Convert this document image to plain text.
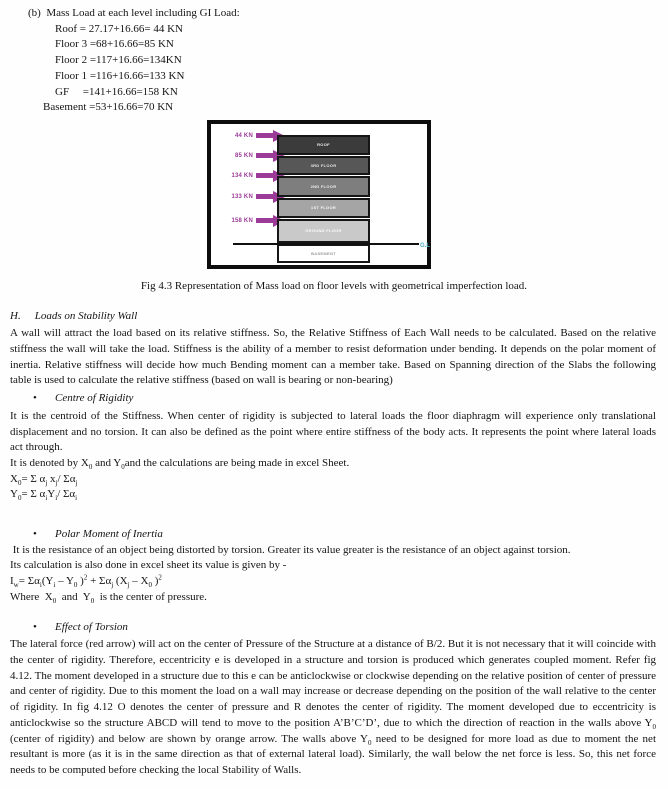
(b)  Mass Load at each level including GI Load:
Roof = 27.17+16.66= 44 KN
Floor 3 =68+16.66=85 KN
Floor 2 =117+16.66=134KN
Floor 1 =116+16.66=133 KN
GF     =141+16.66=158 KN
Basement =53+16.66=70 KN
44 KN
85 KN
134 KN
133 KN
158 KN
ROOF
3RD FLOOR
2ND FLOOR
1ST FLOOR
GROUND FLOOR
BASEMENT
G.L
Fig 4.3 Representation of Mass load on floor levels with geometrical imperfection load.
H. Loads on Stability Wall
A wall will attract the load based on its relative stiffness. So, the Relative Stiffness of Each Wall needs to be calculated. Based on the relative stiffness the wall will take the load. Stiffness is the ability of a member to resist deformation under bending. It depends on the polar moment of inertia. Relative stiffness will decide how much Bending moment can a member take. Based on Spanning direction of the Slabs the following table is used to calculate the relative stiffness (based on wall is bearing or non-bearing)
•	Centre of Rigidity
It is the centroid of the Stiffness. When center of rigidity is subjected to lateral loads the floor diaphragm will experience only translational displacement and no torsion. It can also be defined as the point where entire stiffness of the body acts. It represents the point where lateral loads act through.
It is denoted by $X_0$ and $Y_0and$ the calculations are being made in excel Sheet.
$X_0= \Sigma$ $\alpha_j$ $x_j/$ $\Sigma\alpha_j$
$Y_0= \Sigma$ $\alpha_iY_i/$ $\Sigma\alpha_i$
•	Polar Moment of Inertia
It is the resistance of an object being distorted by torsion. Greater its value greater is the resistance of an object against torsion.
Its calculation is also done in excel sheet its value is given by -
$I_w= \Sigma\alpha_i(Y_i - Y_0$ )$^2 + \Sigma\alpha_j$ ($X_j - X_0$ )$^2$
Where  $X_0$  and  $Y_0$  is the center of pressure.
•	Effect of Torsion
The lateral force (red arrow) will act on the center of Pressure of the Structure at a distance of B/2. But it is not necessary that it will coincide with the center of rigidity. Therefore, eccentricity e is developed in a structure and torsion is produced which generates coupled moment. Refer fig 4.12. The moment developed in a structure due to this e can be anticlockwise or clockwise depending on the relative position of center of pressure and center of rigidity. Due to this moment the load on a wall may increase or decrease depending on the position of the wall relative to the center of rigidity. In fig 4.12 O denotes the center of pressure and R denotes the center of rigidity. The moment developed due to eccentricity is anticlockwise so the structure ABCD will tend to move to the position A’B’C’D’, due to which the direction of reaction in the walls above $Y_0$ (center of rigidity) and below are shown by orange arrow. The walls above $Y_0$ need to be designed for more load as due to moment the net resultant is more (as it is in the same direction as that of external lateral load). Similarly, the wall below the net force is less. So, this net force needs to be computed before checking the local Stability of Walls.
